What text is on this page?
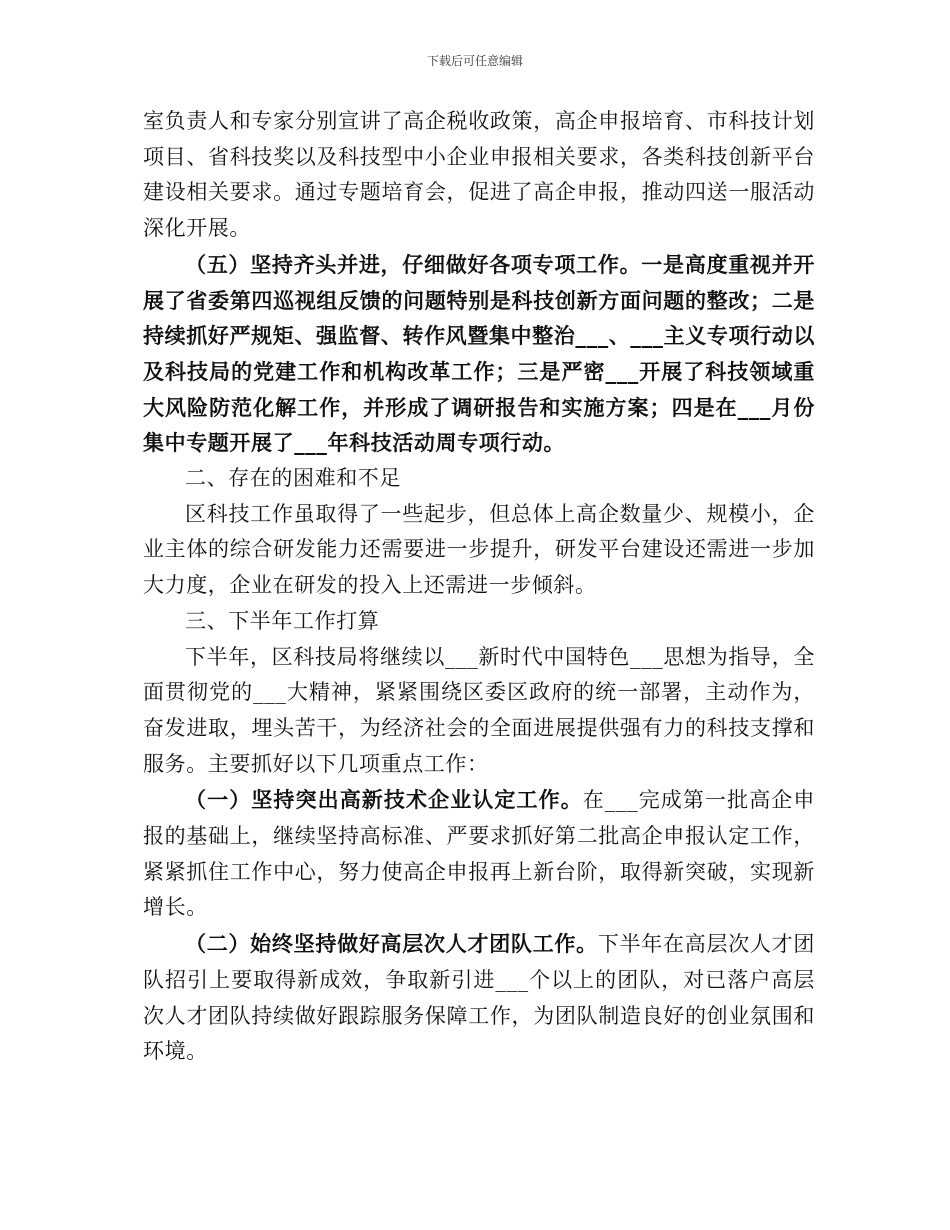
下载后可任意编辑

室负责人和专家分别宣讲了高企税收政策，高企申报培育、市科技计划项目、省科技奖以及科技型中小企业申报相关要求，各类科技创新平台建设相关要求。通过专题培育会，促进了高企申报，推动四送一服活动深化开展。

（五）坚持齐头并进，仔细做好各项专项工作。一是高度重视并开展了省委第四巡视组反馈的问题特别是科技创新方面问题的整改；二是持续抓好严规矩、强监督、转作风暨集中整治___、___主义专项行动以及科技局的党建工作和机构改革工作；三是严密___开展了科技领域重大风险防范化解工作，并形成了调研报告和实施方案；四是在___月份集中专题开展了___年科技活动周专项行动。

二、存在的困难和不足

区科技工作虽取得了一些起步，但总体上高企数量少、规模小，企业主体的综合研发能力还需要进一步提升，研发平台建设还需进一步加大力度，企业在研发的投入上还需进一步倾斜。

三、下半年工作打算

下半年，区科技局将继续以___新时代中国特色___思想为指导，全面贯彻党的___大精神，紧紧围绕区委区政府的统一部署，主动作为，奋发进取，埋头苦干，为经济社会的全面进展提供强有力的科技支撑和服务。主要抓好以下几项重点工作：

（一）坚持突出高新技术企业认定工作。在___完成第一批高企申报的基础上，继续坚持高标准、严要求抓好第二批高企申报认定工作，紧紧抓住工作中心，努力使高企申报再上新台阶，取得新突破，实现新增长。

（二）始终坚持做好高层次人才团队工作。下半年在高层次人才团队招引上要取得新成效，争取新引进___个以上的团队，对已落户高层次人才团队持续做好跟踪服务保障工作，为团队制造良好的创业氛围和环境。
